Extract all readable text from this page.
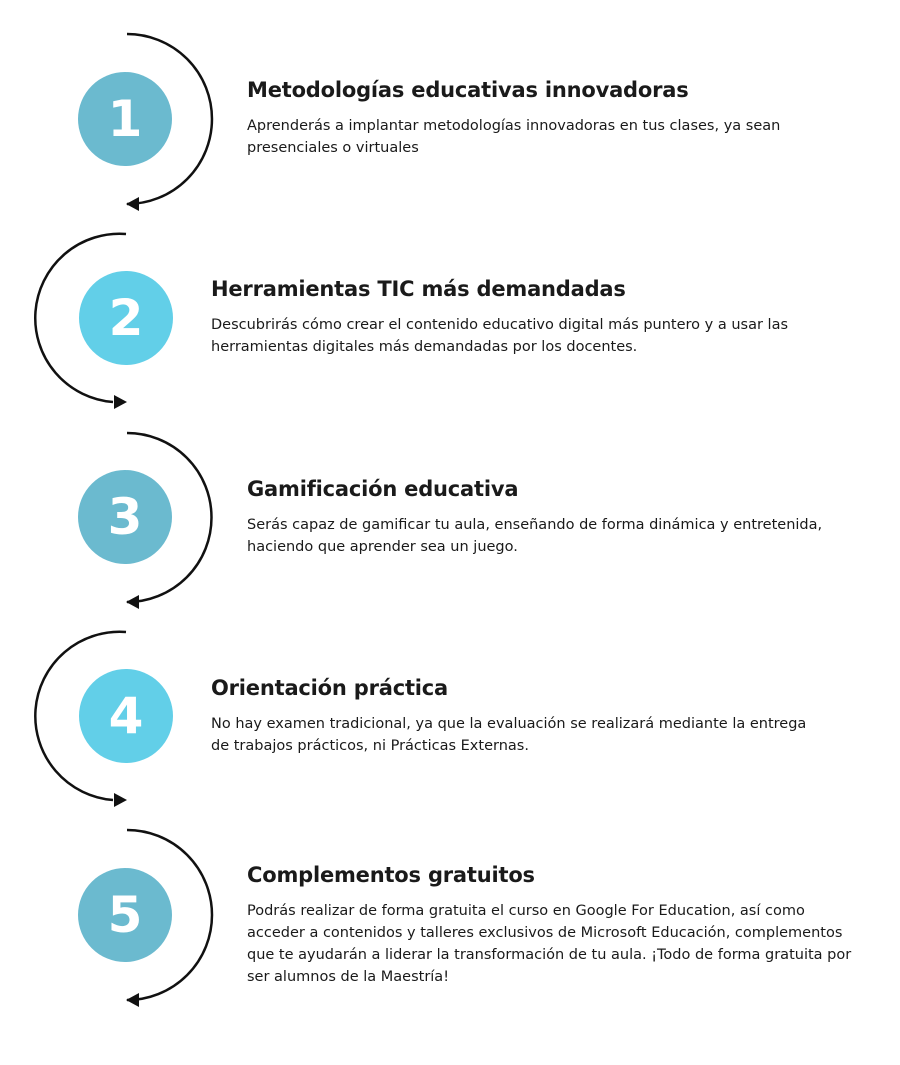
1	Metodologías educativas innovadoras

Aprenderás a implantar metodologías innovadoras en tus clases, ya sean presenciales o virtuales

2	Herramientas TIC más demandadas

Descubrirás cómo crear el contenido educativo digital más puntero y a usar las herramientas digitales más demandadas por los docentes.

3	Gamificación educativa

Serás capaz de gamificar tu aula, enseñando de forma dinámica y entretenida, haciendo que aprender sea un juego.

4	Orientación práctica

No hay examen tradicional, ya que la evaluación se realizará mediante la entrega de trabajos prácticos, ni Prácticas Externas.

5
Complementos gratuitos

Podrás realizar de forma gratuita el curso en Google For Education, así como acceder a contenidos y talleres exclusivos de Microsoft Educación, complementos que te ayudarán a liderar la transformación de tu aula. ¡Todo de forma gratuita por ser alumnos de la Maestría!
